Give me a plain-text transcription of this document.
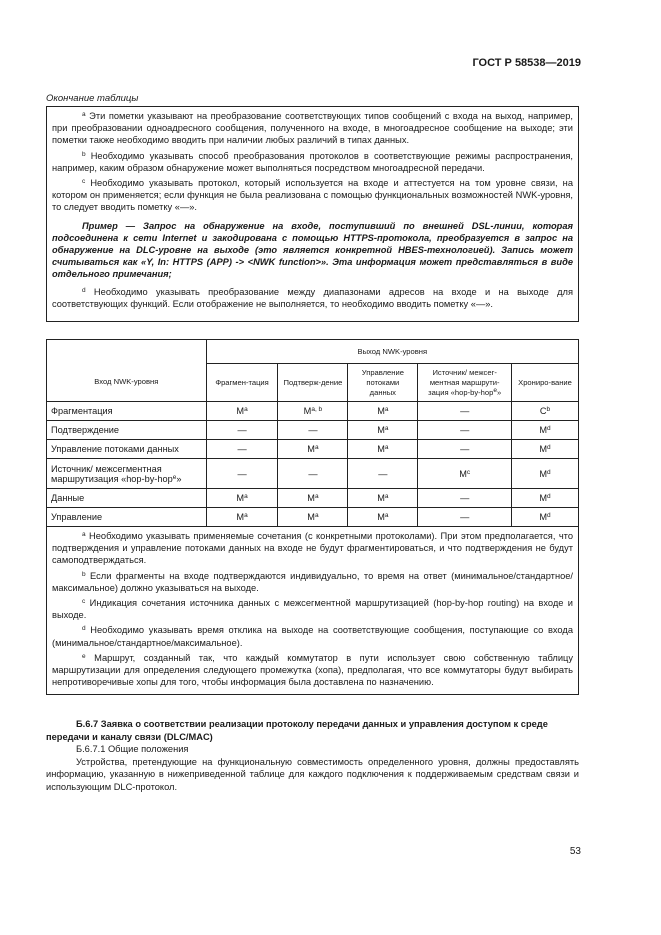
ГОСТ Р 58538—2019
Окончание таблицы

$^a$ Эти пометки указывают на преобразование соответствующих типов сообщений с входа на выход, например, при преобразовании одноадресного сообщения, полученного на входе, в многоадресное сообщение на выходе; эти пометки также необходимо вводить при наличии любых различий в типах данных.

$^b$ Необходимо указывать способ преобразования протоколов в соответствующие режимы распространения, например, каким образом обнаружение может выполняться посредством многоадресной передачи.

$^c$ Необходимо указывать протокол, который используется на входе и аттестуется на том уровне связи, на котором он применяется; если функция не была реализована с помощью функциональных возможностей NWK-уровня, то следует вводить пометку «—».

Пример — Запрос на обнаружение на входе, поступивший по внешней DSL-линии, которая подсоединена к сети Internet и закодирована с помощью HTTPS-протокола, преобразуется в запрос на обнаружение на DLC-уровне на выходе (это является конкретной HBES-технологией). Запись может считываться как «Y, In: HTTPS (APP) -> <NWK function>». Эта информация может представляться в виде отдельного примечания;

$^d$ Необходимо указывать преобразование между диапазонами адресов на входе и на выходе для соответствующих функций. Если отображение не выполняется, то необходимо вводить пометку «—».

	Выход NWK-уровня				
Вход NWK-уровня	Фрагмен-тация	Подтверж-дение	Управление потоками данных	Источник/ межсег-ментная маршрути-зация «hop-by-hop$^e$»	Хрониро-вание
Фрагментация	$M^a$	M$^{a, b}$	$M^a$	—	$C^b$
Подтверждение	—	—	$M^a$	—	$M^d$
Управление потоками данных	—	$M^a$	$M^a$	—	$M^d$
Источник/ межсегментная маршрутизация «hop-by-hop$^e$»	—	—	—	$M^c$	$M^d$
Данные	$M^a$	$M^a$	$M^a$	—	$M^d$
Управление	$M^a$	$M^a$	$M^a$	—	$M^d$

$^a$ Необходимо указывать применяемые сочетания (с конкретными протоколами). При этом предполагается, что подтверждения и управление потоками данных на входе не будут фрагментироваться, и что подтверждения не будут самоподтверждаться.

$^b$ Если фрагменты на входе подтверждаются индивидуально, то время на ответ (минимальное/стандартное/максимальное) должно указываться на выходе.

$^c$ Индикация сочетания источника данных с межсегментной маршрутизацией (hop-by-hop routing) на входе и выходе.

$^d$ Необходимо указывать время отклика на выходе на соответствующие сообщения, поступающие со входа (минимальное/стандартное/максимальное).

$^e$ Маршрут, созданный так, что каждый коммутатор в пути использует свою собственную таблицу маршрутизации для определения следующего промежутка (хопа), предполагая, что все коммутаторы будут выбирать непротиворечивые хопы для того, чтобы информация была доставлена по назначению.					

Б.6.7 Заявка о соответствии реализации протоколу передачи данных и управления доступом к среде передачи и каналу связи (DLC/MAC)

Б.6.7.1 Общие положения

Устройства, претендующие на функциональную совместимость определенного уровня, должны предоставлять информацию, указанную в нижеприведенной таблице для каждого подключения к поддерживаемым средствам связи и использующим DLC-протокол.

53
